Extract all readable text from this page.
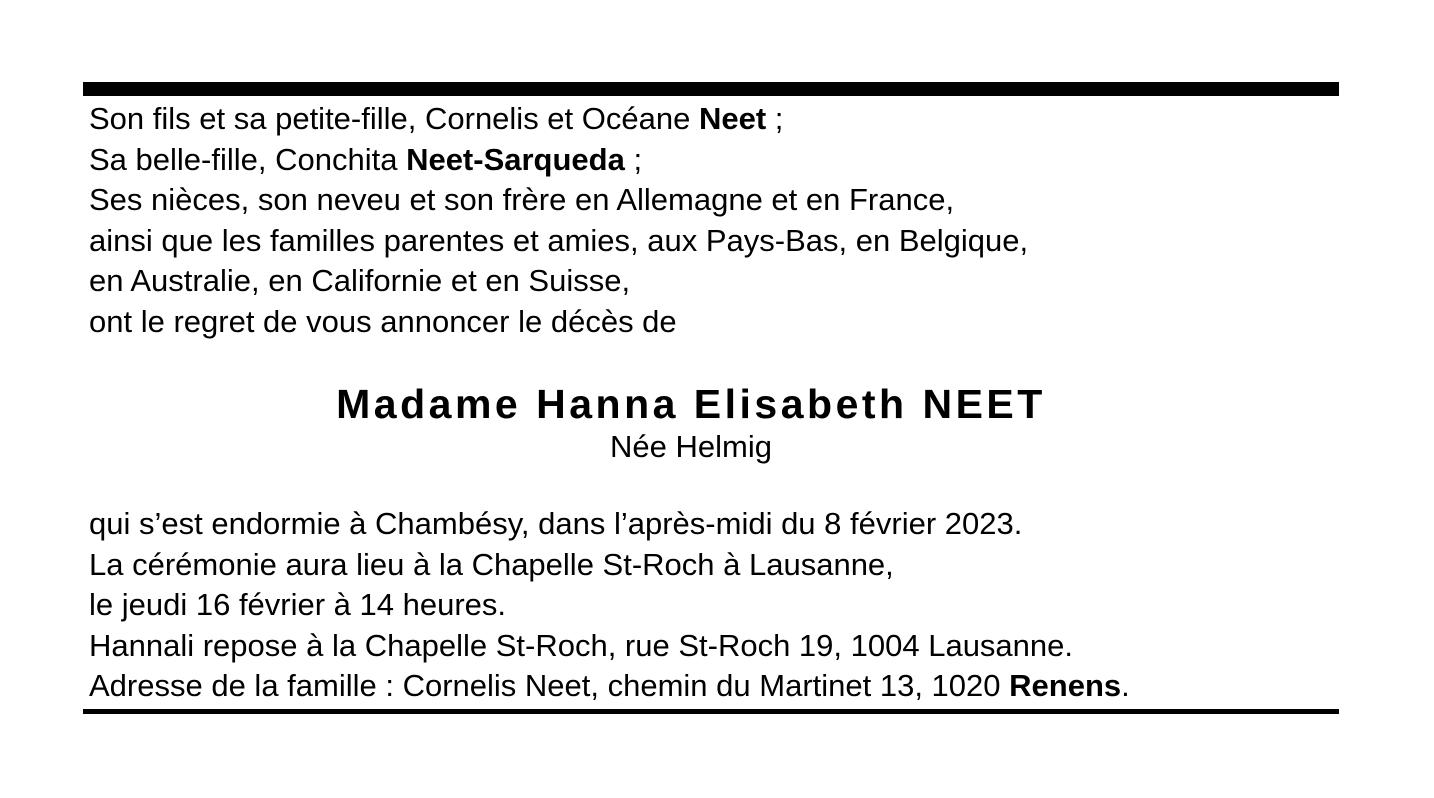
Son fils et sa petite-fille, Cornelis et Océane Neet ;
Sa belle-fille, Conchita Neet-Sarqueda ;
Ses nièces, son neveu et son frère en Allemagne et en France,
ainsi que les familles parentes et amies, aux Pays-Bas, en Belgique,
en Australie, en Californie et en Suisse,
ont le regret de vous annoncer le décès de
Madame Hanna Elisabeth NEET
Née Helmig
qui s’est endormie à Chambésy, dans l’après-midi du 8 février 2023.
La cérémonie aura lieu à la Chapelle St-Roch à Lausanne,
le jeudi 16 février à 14 heures.
Hannali repose à la Chapelle St-Roch, rue St-Roch 19, 1004 Lausanne.
Adresse de la famille : Cornelis Neet, chemin du Martinet 13, 1020 Renens.
